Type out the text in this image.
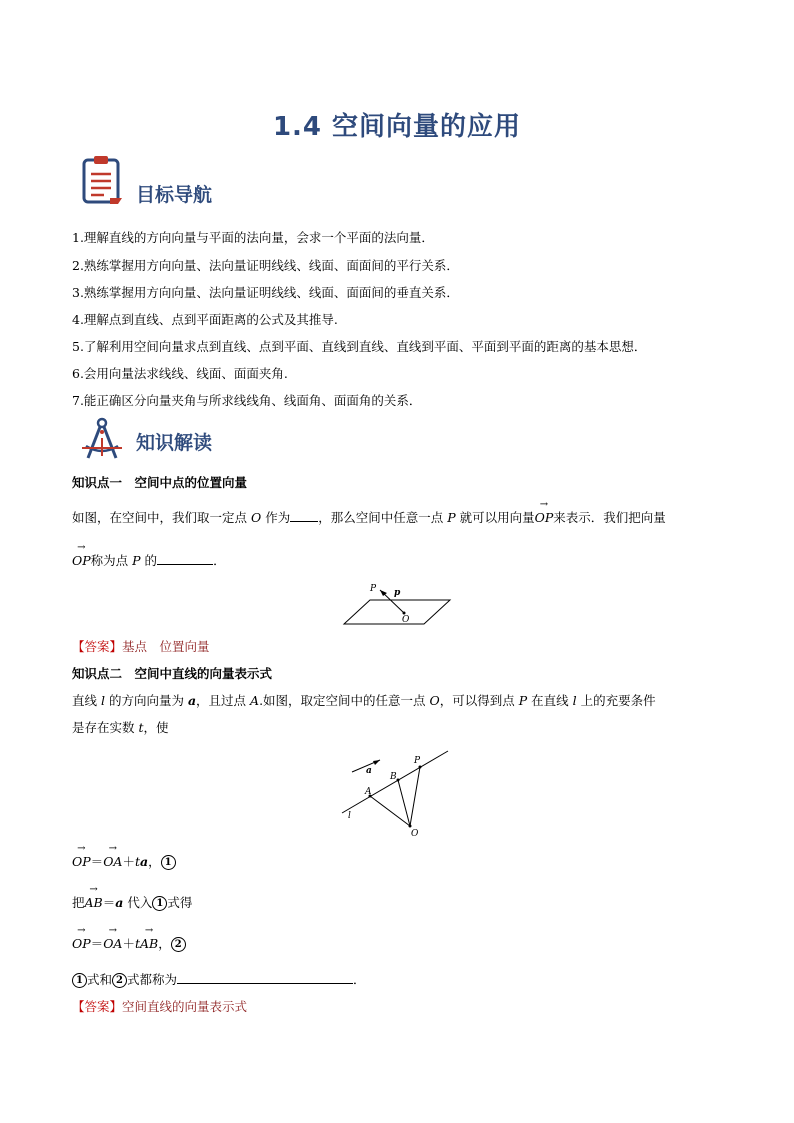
1.4 空间向量的应用
目标导航
1.理解直线的方向向量与平面的法向量，会求一个平面的法向量．
2.熟练掌握用方向向量、法向量证明线线、线面、面面间的平行关系．
3.熟练掌握用方向向量、法向量证明线线、线面、面面间的垂直关系．
4.理解点到直线、点到平面距离的公式及其推导.
5.了解利用空间向量求点到直线、点到平面、直线到直线、直线到平面、平面到平面的距离的基本思想．
6.会用向量法求线线、线面、面面夹角.
7.能正确区分向量夹角与所求线线角、线面角、面面角的关系．
知识解读
知识点一　空间中点的位置向量
如图，在空间中，我们取一定点 O 作为 ，那么空间中任意一点 P 就可以用向量→ OP来表示．我们把向量
→ OP称为点 P 的	．
P p
O
【答案】基点　位置向量
知识点二　空间中直线的向量表示式
直线 l 的方向向量为 a，且过点 A.如图，取定空间中的任意一点 O，可以得到点 P 在直线 l 上的充要条件
是存在实数 t，使
a
P
B
A
l
O
→ OP＝→ OA＋ta， 1
把→ AB＝a 代入 1 式得
→ OP＝→ OA＋t→ AB， 2
1 式和 2 式都称为	．
【答案】空间直线的向量表示式
